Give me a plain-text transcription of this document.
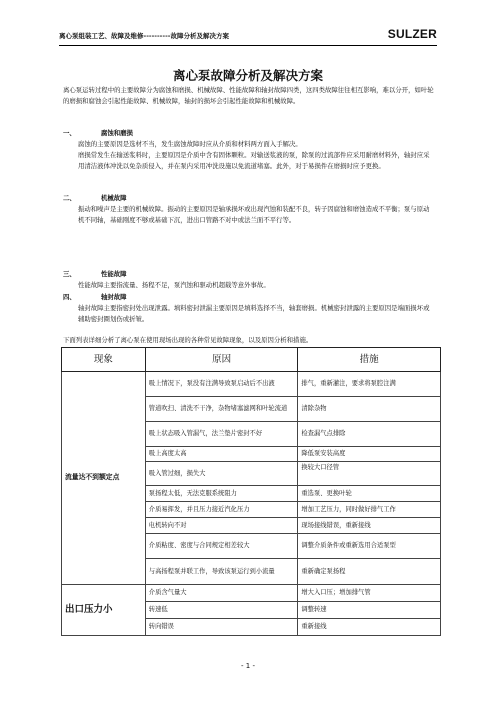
离心泵组装工艺、故障及维修----------故障分析及解决方案	SULZER
离心泵故障分析及解决方案
离心泵运转过程中的主要故障分为腐蚀和磨损、机械故障、性能故障和轴封故障四类，这四类故障往往相互影响，难以分开，如叶轮的磨损和腐蚀会引起性能故障、机械故障，轴封的损坏会引起性能故障和机械故障。
一、	腐蚀和磨损
腐蚀的主要原因是选材不当，发生腐蚀故障时应从介质和材料两方面入手解决。
磨损常发生在输送浆料时，主要原因是介质中含有固体颗粒。对输送浆液的泵，除泵的过流部件应采用耐磨材料外，轴封应采用清洁液体冲洗以免杂质侵入，并在泵内采用冲洗设施以免流道堵塞。此外，对于易损件在磨损时应予更换。
二、	机械故障
振动和噪声是主要的机械故障。振动的主要原因是轴承损坏或出现汽蚀和装配不良，转子因腐蚀和磨蚀造成不平衡；泵与原动机不同轴，基础刚度不够或基础下沉，进出口管路不对中或法兰面不平行等。
三、	性能故障
性能故障主要指流量、扬程不足，泵汽蚀和驱动机超载等意外事故。
四、	轴封故障
轴封故障主要指密封处出现泄露。填料密封泄漏主要原因是填料选择不当，轴套磨损。机械密封泄露的主要原因是端面损坏或辅助密封圈划伤或折皱。
下面列表详细分析了离心泵在使用现场出现的各种常见故障现象，以及原因分析和措施。
现象	原因	措施
流量达不到额定点	吸上情况下，泵没有注满导致泵启动后不出液	排气，重新灌注，要求将泵腔注满
	管道吹扫、清洗不干净，杂物堵塞滤网和叶轮流道	清除杂物
	吸上状态吸入管漏气，法兰垫片密封不好	检查漏气点排除
	吸上高度太高	降低泵安装高度
	吸入管过细，损失大	换较大口径管
	泵扬程太低，无法克服系统阻力	重选泵、更换叶轮
	介质易挥发，并且压力接近汽化压力	增加工艺压力，同时做好排气工作
	电机转向不对	现场接线错误，重新接线
	介质粘度、密度与合同规定相差较大	调整介质条件或重新选用合适泵型
	与高扬程泵并联工作，导致该泵运行到小流量	重新确定泵扬程
出口压力小	介质含气量大	增大入口压；增加排气管
	转速低	调整转速
	转向错误	重新接线
- 1 -
